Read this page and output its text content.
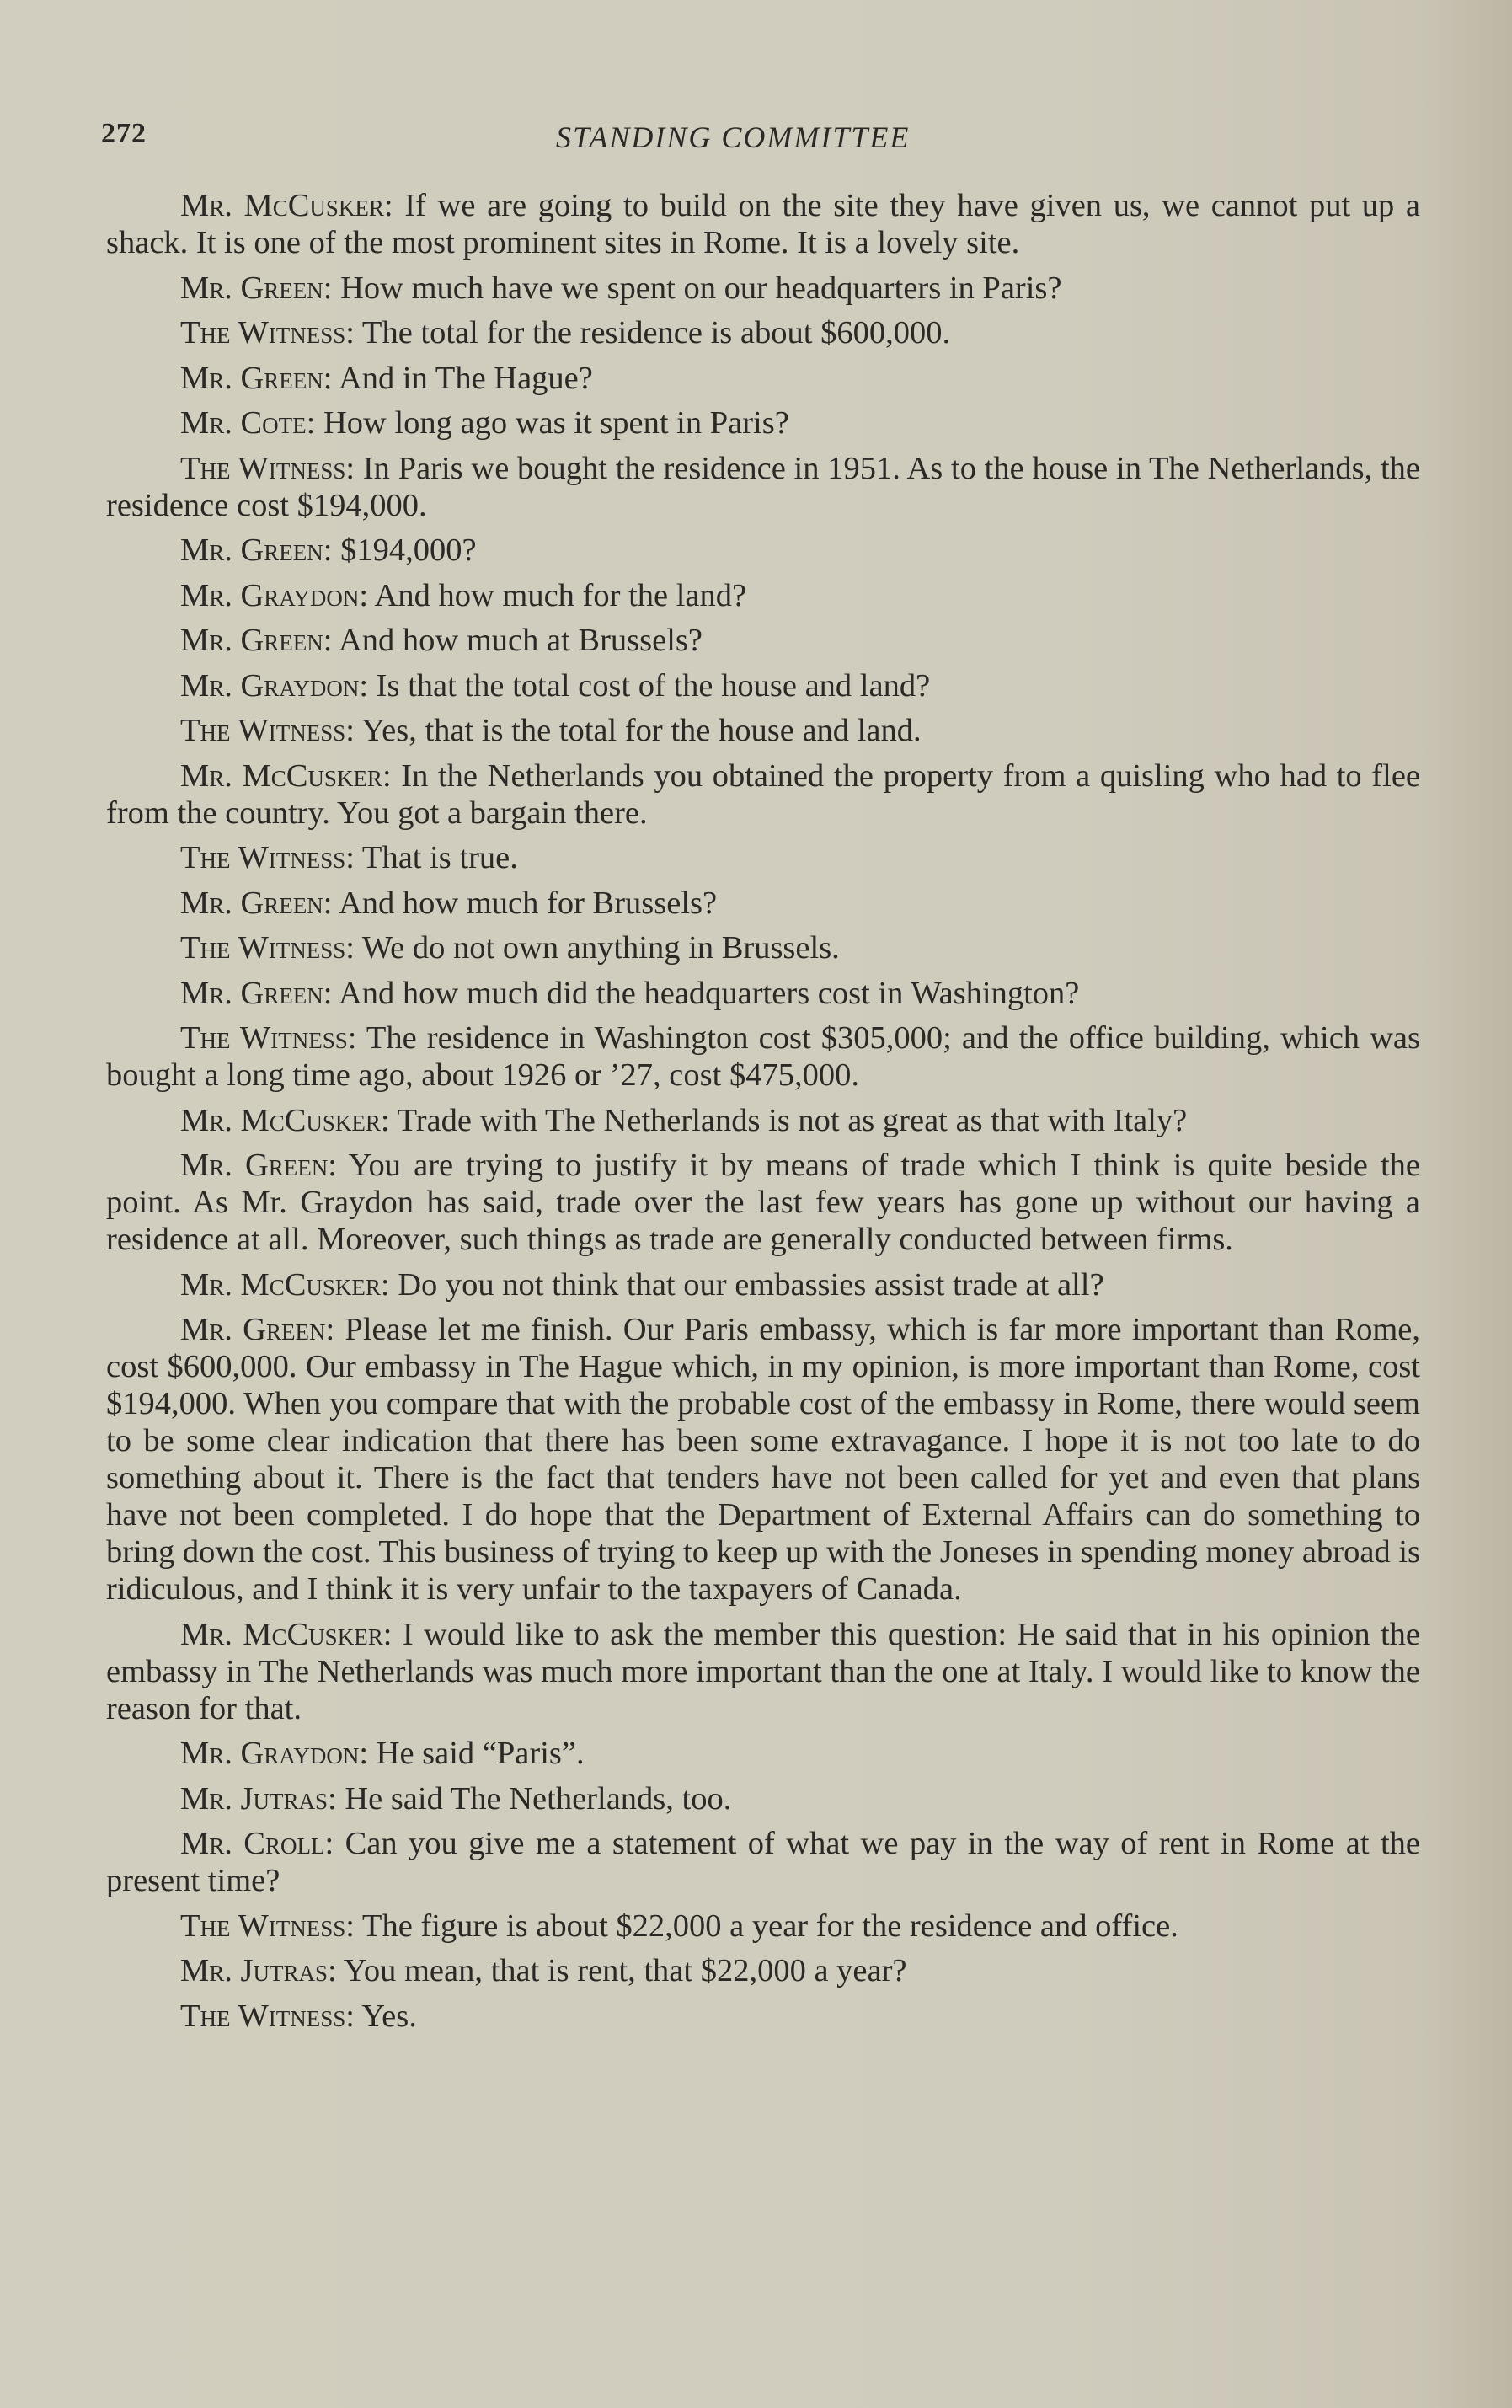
272	STANDING COMMITTEE

Mr. McCusker: If we are going to build on the site they have given us, we cannot put up a shack. It is one of the most prominent sites in Rome. It is a lovely site.

Mr. Green: How much have we spent on our headquarters in Paris?

The Witness: The total for the residence is about $600,000.

Mr. Green: And in The Hague?

Mr. Cote: How long ago was it spent in Paris?

The Witness: In Paris we bought the residence in 1951. As to the house in The Netherlands, the residence cost $194,000.

Mr. Green: $194,000?

Mr. Graydon: And how much for the land?

Mr. Green: And how much at Brussels?

Mr. Graydon: Is that the total cost of the house and land?

The Witness: Yes, that is the total for the house and land.

Mr. McCusker: In the Netherlands you obtained the property from a quisling who had to flee from the country. You got a bargain there.

The Witness: That is true.

Mr. Green: And how much for Brussels?

The Witness: We do not own anything in Brussels.

Mr. Green: And how much did the headquarters cost in Washington?

The Witness: The residence in Washington cost $305,000; and the office building, which was bought a long time ago, about 1926 or ’27, cost $475,000.

Mr. McCusker: Trade with The Netherlands is not as great as that with Italy?

Mr. Green: You are trying to justify it by means of trade which I think is quite beside the point. As Mr. Graydon has said, trade over the last few years has gone up without our having a residence at all. Moreover, such things as trade are generally conducted between firms.

Mr. McCusker: Do you not think that our embassies assist trade at all?

Mr. Green: Please let me finish. Our Paris embassy, which is far more important than Rome, cost $600,000. Our embassy in The Hague which, in my opinion, is more important than Rome, cost $194,000. When you compare that with the probable cost of the embassy in Rome, there would seem to be some clear indication that there has been some extravagance. I hope it is not too late to do something about it. There is the fact that tenders have not been called for yet and even that plans have not been completed. I do hope that the Department of External Affairs can do something to bring down the cost. This business of trying to keep up with the Joneses in spending money abroad is ridiculous, and I think it is very unfair to the taxpayers of Canada.

Mr. McCusker: I would like to ask the member this question: He said that in his opinion the embassy in The Netherlands was much more important than the one at Italy. I would like to know the reason for that.

Mr. Graydon: He said “Paris”.

Mr. Jutras: He said The Netherlands, too.

Mr. Croll: Can you give me a statement of what we pay in the way of rent in Rome at the present time?

The Witness: The figure is about $22,000 a year for the residence and office.

Mr. Jutras: You mean, that is rent, that $22,000 a year?

The Witness: Yes.
